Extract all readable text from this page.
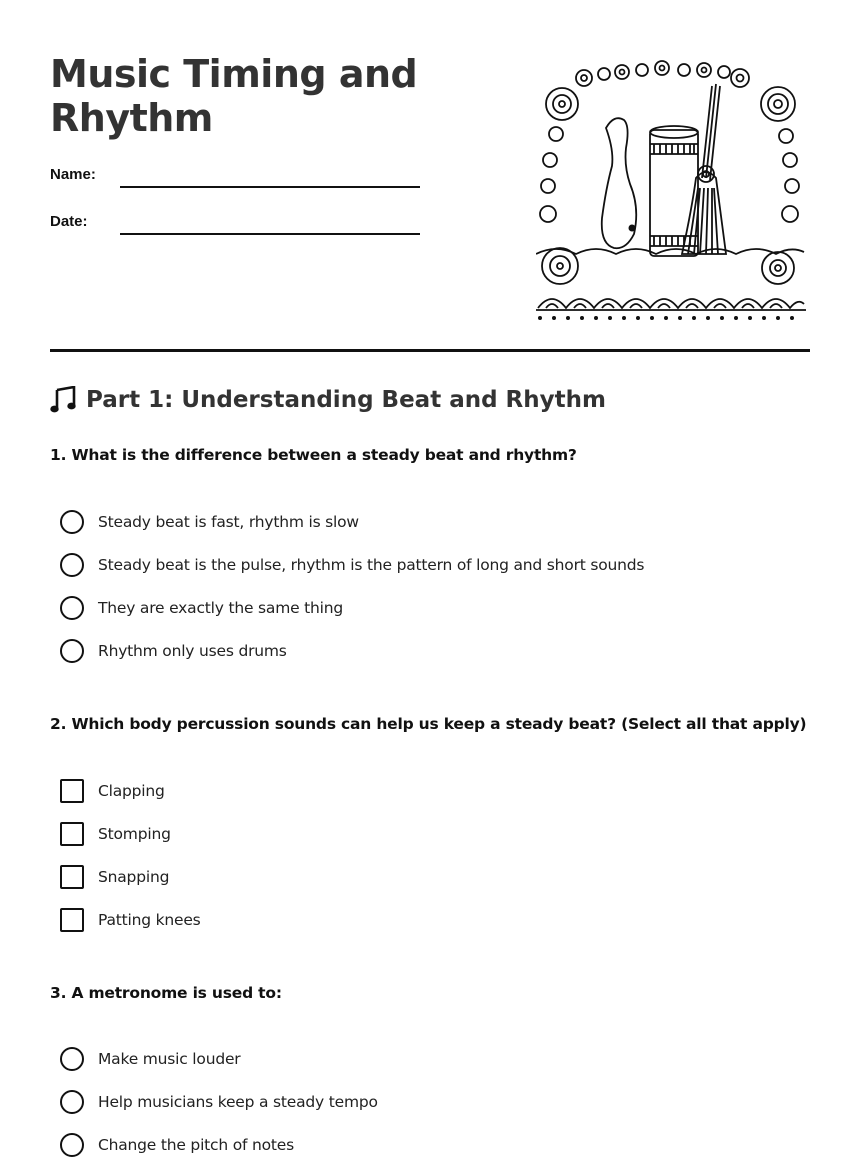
Music Timing and Rhythm
Name:
Date:
Part 1: Understanding Beat and Rhythm
1. What is the difference between a steady beat and rhythm?
Steady beat is fast, rhythm is slow
Steady beat is the pulse, rhythm is the pattern of long and short sounds
They are exactly the same thing
Rhythm only uses drums
2. Which body percussion sounds can help us keep a steady beat? (Select all that apply)
Clapping
Stomping
Snapping
Patting knees
3. A metronome is used to:
Make music louder
Help musicians keep a steady tempo
Change the pitch of notes
